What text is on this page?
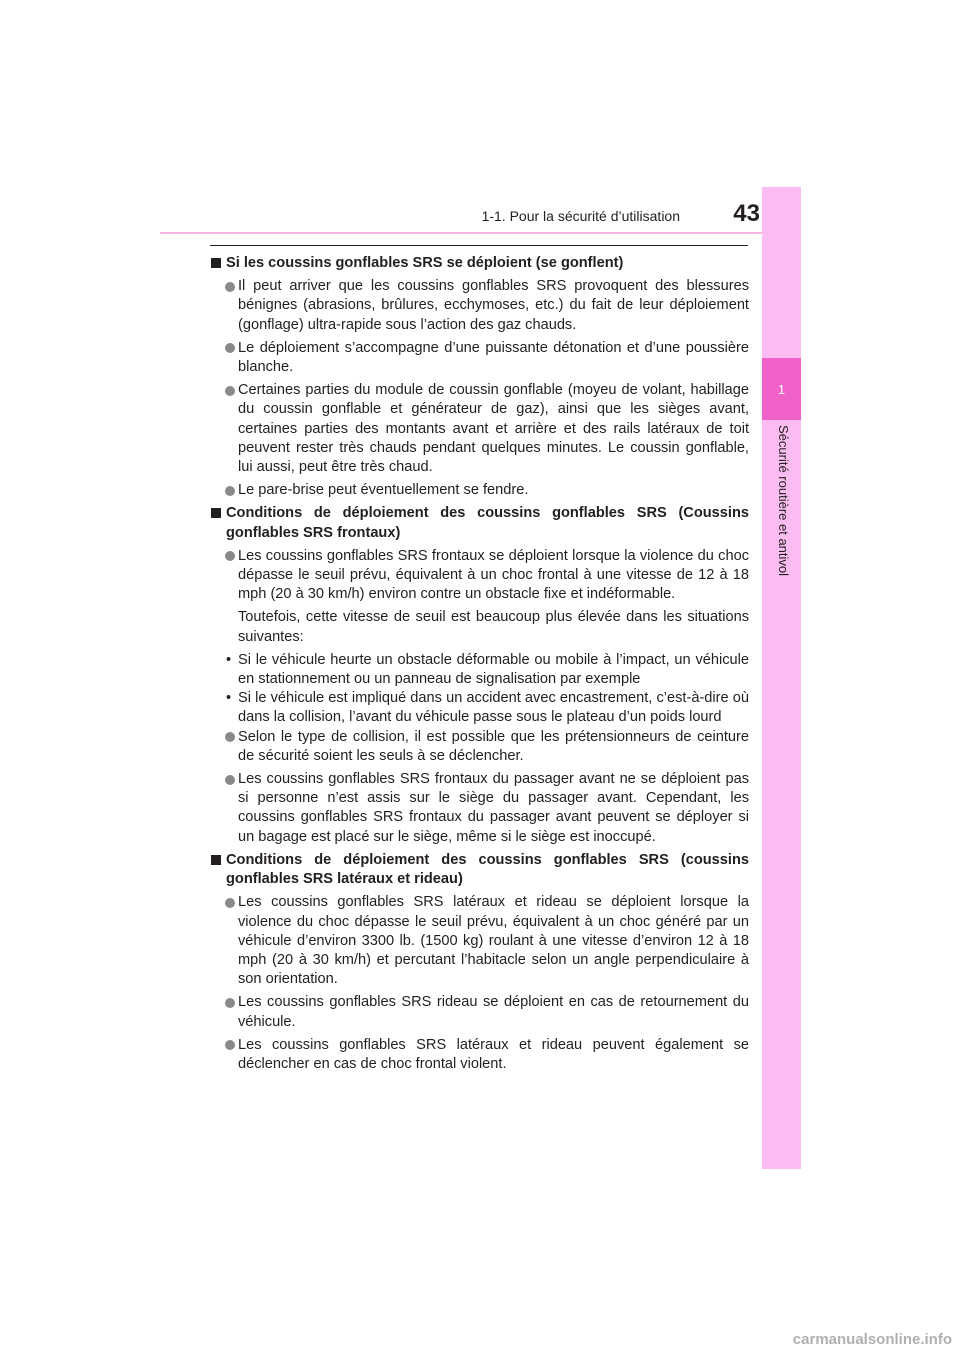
1-1. Pour la sécurité d’utilisation	43
1
Sécurité routière et antivol
Si les coussins gonflables SRS se déploient (se gonflent)
Il peut arriver que les coussins gonflables SRS provoquent des blessures bénignes (abrasions, brûlures, ecchymoses, etc.) du fait de leur déploiement (gonflage) ultra-rapide sous l’action des gaz chauds.
Le déploiement s’accompagne d’une puissante détonation et d’une poussière blanche.
Certaines parties du module de coussin gonflable (moyeu de volant, habillage du coussin gonflable et générateur de gaz), ainsi que les sièges avant, certaines parties des montants avant et arrière et des rails latéraux de toit peuvent rester très chauds pendant quelques minutes. Le coussin gonflable, lui aussi, peut être très chaud.
Le pare-brise peut éventuellement se fendre.
Conditions de déploiement des coussins gonflables SRS (Coussins gonflables SRS frontaux)
Les coussins gonflables SRS frontaux se déploient lorsque la violence du choc dépasse le seuil prévu, équivalent à un choc frontal à une vitesse de 12 à 18 mph (20 à 30 km/h) environ contre un obstacle fixe et indéformable.
Toutefois, cette vitesse de seuil est beaucoup plus élevée dans les situations suivantes:
• Si le véhicule heurte un obstacle déformable ou mobile à l’impact, un véhicule en stationnement ou un panneau de signalisation par exemple
• Si le véhicule est impliqué dans un accident avec encastrement, c’est-à-dire où dans la collision, l’avant du véhicule passe sous le plateau d’un poids lourd
Selon le type de collision, il est possible que les prétensionneurs de ceinture de sécurité soient les seuls à se déclencher.
Les coussins gonflables SRS frontaux du passager avant ne se déploient pas si personne n’est assis sur le siège du passager avant. Cependant, les coussins gonflables SRS frontaux du passager avant peuvent se déployer si un bagage est placé sur le siège, même si le siège est inoccupé.
Conditions de déploiement des coussins gonflables SRS (coussins gonflables SRS latéraux et rideau)
Les coussins gonflables SRS latéraux et rideau se déploient lorsque la violence du choc dépasse le seuil prévu, équivalent à un choc généré par un véhicule d’environ 3300 lb. (1500 kg) roulant à une vitesse d’environ 12 à 18 mph (20 à 30 km/h) et percutant l’habitacle selon un angle perpendiculaire à son orientation.
Les coussins gonflables SRS rideau se déploient en cas de retournement du véhicule.
Les coussins gonflables SRS latéraux et rideau peuvent également se déclencher en cas de choc frontal violent.
carmanualsonline.info
